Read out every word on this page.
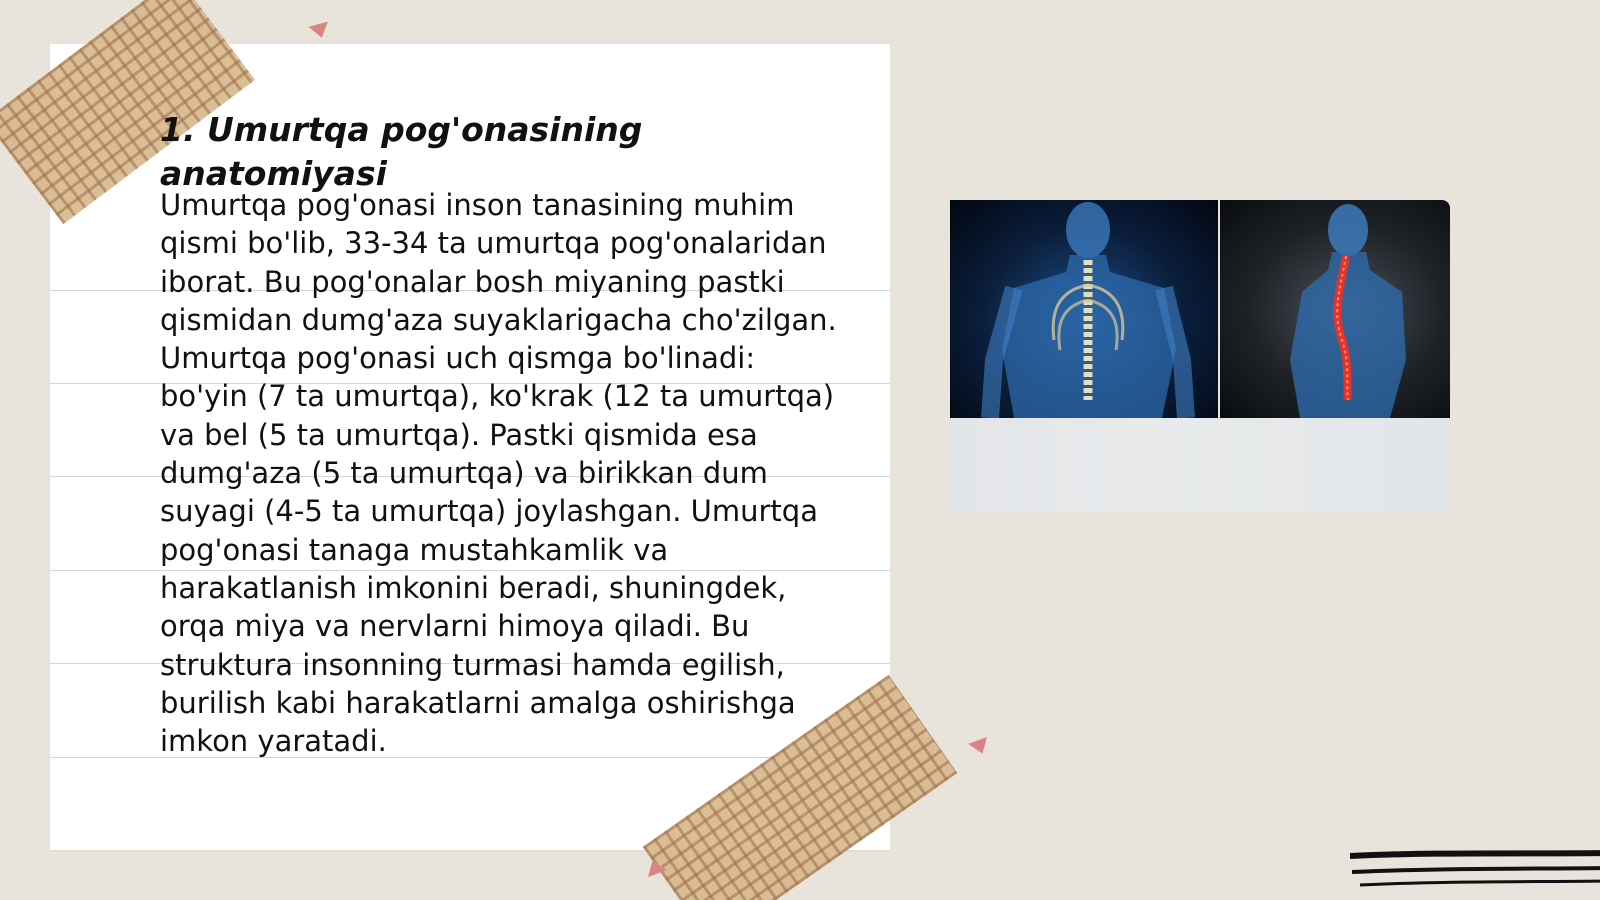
1. Umurtqa pog'onasining anatomiyasi

Umurtqa pog'onasi inson tanasining muhim qismi bo'lib, 33-34 ta umurtqa pog'onalaridan iborat. Bu pog'onalar bosh miyaning pastki qismidan dumg'aza suyaklarigacha cho'zilgan. Umurtqa pog'onasi uch qismga bo'linadi: bo'yin (7 ta umurtqa), ko'krak (12 ta umurtqa) va bel (5 ta umurtqa). Pastki qismida esa dumg'aza (5 ta umurtqa) va birikkan dum suyagi (4-5 ta umurtqa) joylashgan. Umurtqa pog'onasi tanaga mustahkamlik va harakatlanish imkonini beradi, shuningdek, orqa miya va nervlarni himoya qiladi. Bu struktura insonning turmasi hamda egilish, burilish kabi harakatlarni amalga oshirishga imkon yaratadi.
